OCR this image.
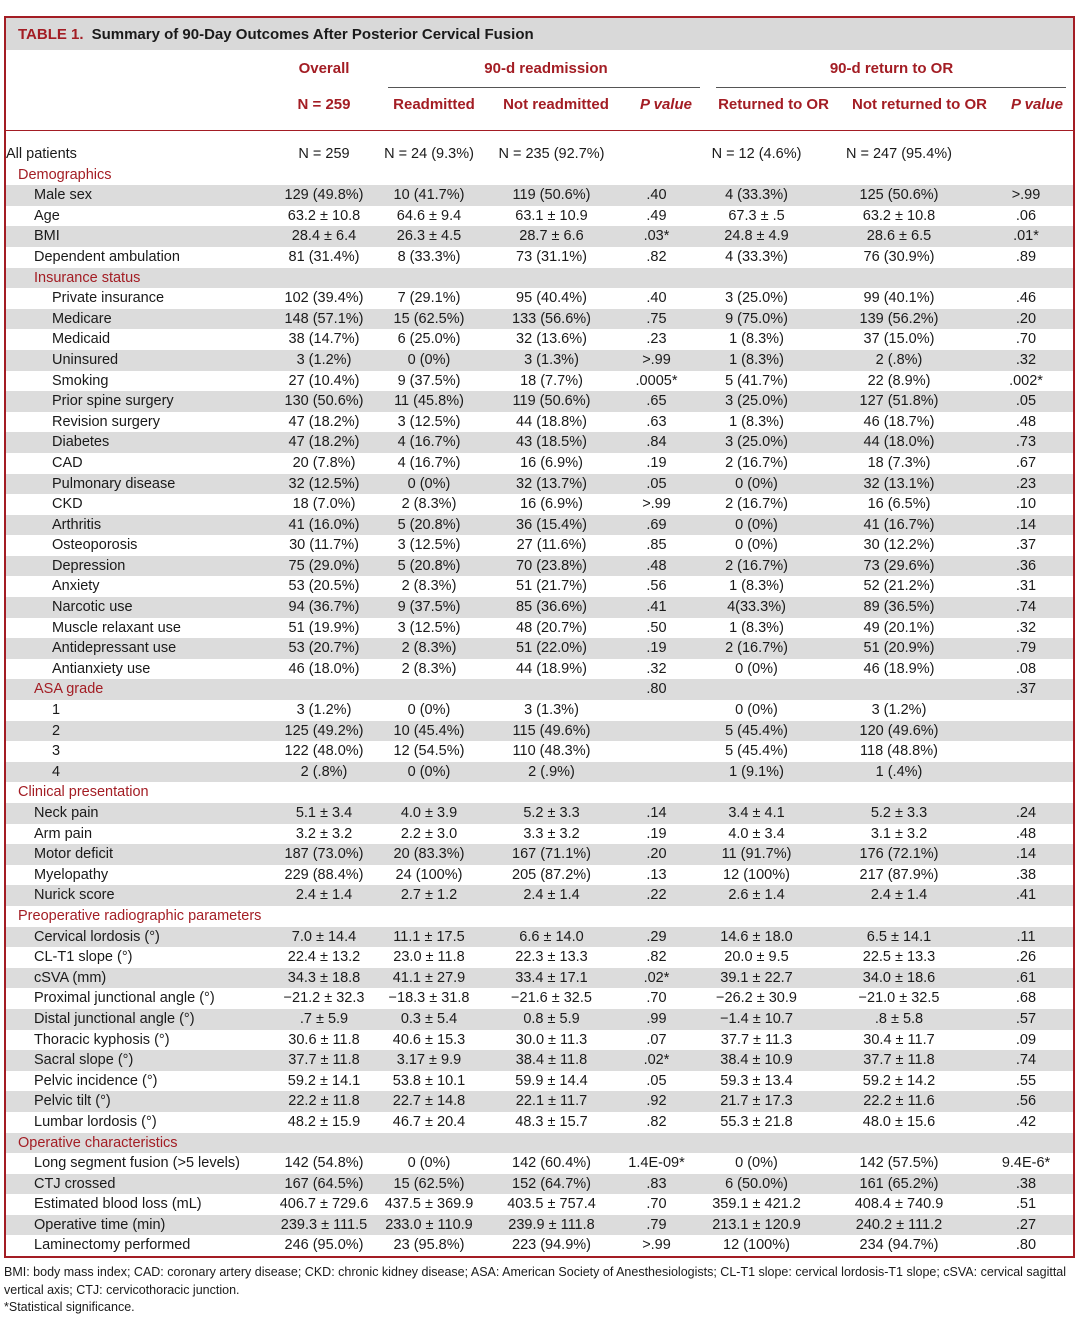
TABLE 1. Summary of 90-Day Outcomes After Posterior Cervical Fusion
Overall	90-d readmission	90-d return to OR
N = 259	Readmitted	Not readmitted	P value	Returned to OR	Not returned to OR	P value
All patients	N = 259	N = 24 (9.3%)	N = 235 (92.7%)		N = 12 (4.6%)	N = 247 (95.4%)	
Demographics							
Male sex	129 (49.8%)	10 (41.7%)	119 (50.6%)	.40	4 (33.3%)	125 (50.6%)	>.99
Age	63.2 ± 10.8	64.6 ± 9.4	63.1 ± 10.9	.49	67.3 ± .5	63.2 ± 10.8	.06
BMI	28.4 ± 6.4	26.3 ± 4.5	28.7 ± 6.6	.03*	24.8 ± 4.9	28.6 ± 6.5	.01*
Dependent ambulation	81 (31.4%)	8 (33.3%)	73 (31.1%)	.82	4 (33.3%)	76 (30.9%)	.89
Insurance status							
Private insurance	102 (39.4%)	7 (29.1%)	95 (40.4%)	.40	3 (25.0%)	99 (40.1%)	.46
Medicare	148 (57.1%)	15 (62.5%)	133 (56.6%)	.75	9 (75.0%)	139 (56.2%)	.20
Medicaid	38 (14.7%)	6 (25.0%)	32 (13.6%)	.23	1 (8.3%)	37 (15.0%)	.70
Uninsured	3 (1.2%)	0 (0%)	3 (1.3%)	>.99	1 (8.3%)	2 (.8%)	.32
Smoking	27 (10.4%)	9 (37.5%)	18 (7.7%)	.0005*	5 (41.7%)	22 (8.9%)	.002*
Prior spine surgery	130 (50.6%)	11 (45.8%)	119 (50.6%)	.65	3 (25.0%)	127 (51.8%)	.05
Revision surgery	47 (18.2%)	3 (12.5%)	44 (18.8%)	.63	1 (8.3%)	46 (18.7%)	.48
Diabetes	47 (18.2%)	4 (16.7%)	43 (18.5%)	.84	3 (25.0%)	44 (18.0%)	.73
CAD	20 (7.8%)	4 (16.7%)	16 (6.9%)	.19	2 (16.7%)	18 (7.3%)	.67
Pulmonary disease	32 (12.5%)	0 (0%)	32 (13.7%)	.05	0 (0%)	32 (13.1%)	.23
CKD	18 (7.0%)	2 (8.3%)	16 (6.9%)	>.99	2 (16.7%)	16 (6.5%)	.10
Arthritis	41 (16.0%)	5 (20.8%)	36 (15.4%)	.69	0 (0%)	41 (16.7%)	.14
Osteoporosis	30 (11.7%)	3 (12.5%)	27 (11.6%)	.85	0 (0%)	30 (12.2%)	.37
Depression	75 (29.0%)	5 (20.8%)	70 (23.8%)	.48	2 (16.7%)	73 (29.6%)	.36
Anxiety	53 (20.5%)	2 (8.3%)	51 (21.7%)	.56	1 (8.3%)	52 (21.2%)	.31
Narcotic use	94 (36.7%)	9 (37.5%)	85 (36.6%)	.41	4(33.3%)	89 (36.5%)	.74
Muscle relaxant use	51 (19.9%)	3 (12.5%)	48 (20.7%)	.50	1 (8.3%)	49 (20.1%)	.32
Antidepressant use	53 (20.7%)	2 (8.3%)	51 (22.0%)	.19	2 (16.7%)	51 (20.9%)	.79
Antianxiety use	46 (18.0%)	2 (8.3%)	44 (18.9%)	.32	0 (0%)	46 (18.9%)	.08
ASA grade				.80			.37
1	3 (1.2%)	0 (0%)	3 (1.3%)		0 (0%)	3 (1.2%)	
2	125 (49.2%)	10 (45.4%)	115 (49.6%)		5 (45.4%)	120 (49.6%)	
3	122 (48.0%)	12 (54.5%)	110 (48.3%)		5 (45.4%)	118 (48.8%)	
4	2 (.8%)	0 (0%)	2 (.9%)		1 (9.1%)	1 (.4%)	
Clinical presentation							
Neck pain	5.1 ± 3.4	4.0 ± 3.9	5.2 ± 3.3	.14	3.4 ± 4.1	5.2 ± 3.3	.24
Arm pain	3.2 ± 3.2	2.2 ± 3.0	3.3 ± 3.2	.19	4.0 ± 3.4	3.1 ± 3.2	.48
Motor deficit	187 (73.0%)	20 (83.3%)	167 (71.1%)	.20	11 (91.7%)	176 (72.1%)	.14
Myelopathy	229 (88.4%)	24 (100%)	205 (87.2%)	.13	12 (100%)	217 (87.9%)	.38
Nurick score	2.4 ± 1.4	2.7 ± 1.2	2.4 ± 1.4	.22	2.6 ± 1.4	2.4 ± 1.4	.41
Preoperative radiographic parameters							
Cervical lordosis (°)	7.0 ± 14.4	11.1 ± 17.5	6.6 ± 14.0	.29	14.6 ± 18.0	6.5 ± 14.1	.11
CL-T1 slope (°)	22.4 ± 13.2	23.0 ± 11.8	22.3 ± 13.3	.82	20.0 ± 9.5	22.5 ± 13.3	.26
cSVA (mm)	34.3 ± 18.8	41.1 ± 27.9	33.4 ± 17.1	.02*	39.1 ± 22.7	34.0 ± 18.6	.61
Proximal junctional angle (°)	−21.2 ± 32.3	−18.3 ± 31.8	−21.6 ± 32.5	.70	−26.2 ± 30.9	−21.0 ± 32.5	.68
Distal junctional angle (°)	.7 ± 5.9	0.3 ± 5.4	0.8 ± 5.9	.99	−1.4 ± 10.7	.8 ± 5.8	.57
Thoracic kyphosis (°)	30.6 ± 11.8	40.6 ± 15.3	30.0 ± 11.3	.07	37.7 ± 11.3	30.4 ± 11.7	.09
Sacral slope (°)	37.7 ± 11.8	3.17 ± 9.9	38.4 ± 11.8	.02*	38.4 ± 10.9	37.7 ± 11.8	.74
Pelvic incidence (°)	59.2 ± 14.1	53.8 ± 10.1	59.9 ± 14.4	.05	59.3 ± 13.4	59.2 ± 14.2	.55
Pelvic tilt (°)	22.2 ± 11.8	22.7 ± 14.8	22.1 ± 11.7	.92	21.7 ± 17.3	22.2 ± 11.6	.56
Lumbar lordosis (°)	48.2 ± 15.9	46.7 ± 20.4	48.3 ± 15.7	.82	55.3 ± 21.8	48.0 ± 15.6	.42
Operative characteristics							
Long segment fusion (>5 levels)	142 (54.8%)	0 (0%)	142 (60.4%)	1.4E-09*	0 (0%)	142 (57.5%)	9.4E-6*
CTJ crossed	167 (64.5%)	15 (62.5%)	152 (64.7%)	.83	6 (50.0%)	161 (65.2%)	.38
Estimated blood loss (mL)	406.7 ± 729.6	437.5 ± 369.9	403.5 ± 757.4	.70	359.1 ± 421.2	408.4 ± 740.9	.51
Operative time (min)	239.3 ± 111.5	233.0 ± 110.9	239.9 ± 111.8	.79	213.1 ± 120.9	240.2 ± 111.2	.27
Laminectomy performed	246 (95.0%)	23 (95.8%)	223 (94.9%)	>.99	12 (100%)	234 (94.7%)	.80
BMI: body mass index; CAD: coronary artery disease; CKD: chronic kidney disease; ASA: American Society of Anesthesiologists; CL-T1 slope: cervical lordosis-T1 slope; cSVA: cervical sagittal vertical axis; CTJ: cervicothoracic junction.
*Statistical significance.
